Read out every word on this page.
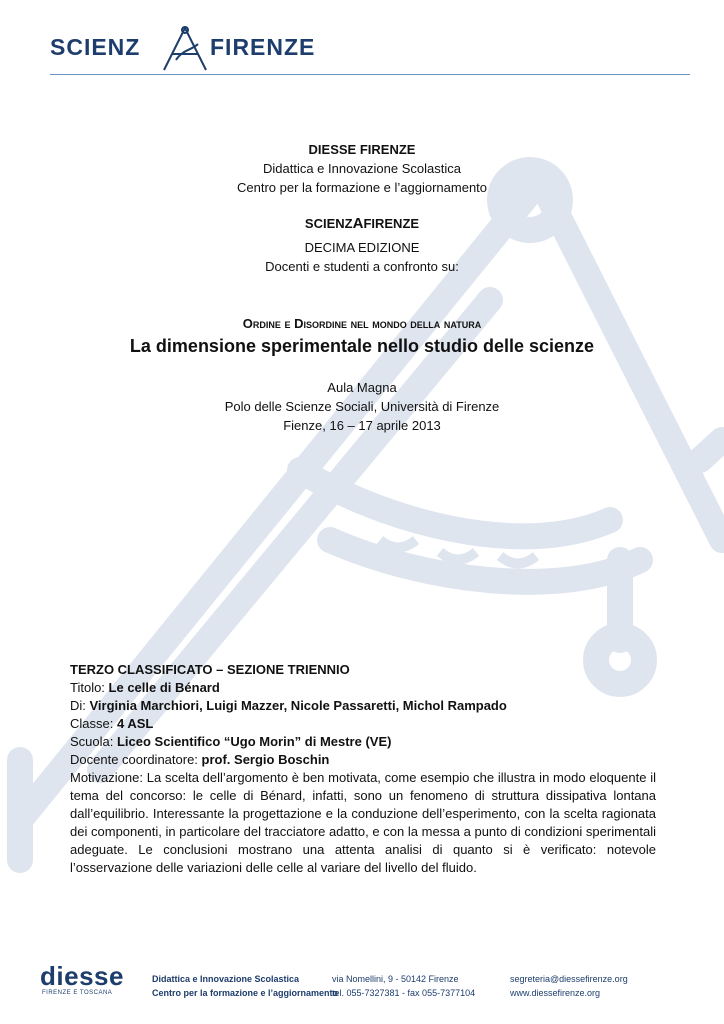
SCIENZ	FIRENZE
DIESSE FIRENZE
Didattica e Innovazione Scolastica
Centro per la formazione e l’aggiornamento
SCIENZAFIRENZE
DECIMA EDIZIONE
Docenti e studenti a confronto su:
Ordine e Disordine nel mondo della natura
La dimensione sperimentale nello studio delle scienze
Aula Magna
Polo delle Scienze Sociali, Università di Firenze
Fienze, 16 – 17 aprile 2013
TERZO CLASSIFICATO – SEZIONE TRIENNIO
Titolo: Le celle di Bénard
Di: Virginia Marchiori, Luigi Mazzer, Nicole Passaretti, Michol Rampado
Classe: 4 ASL
Scuola: Liceo Scientifico “Ugo Morin” di Mestre (VE)
Docente coordinatore: prof. Sergio Boschin
Motivazione: La scelta dell’argomento è ben motivata, come esempio che illustra in modo eloquente il tema del concorso: le celle di Bénard, infatti, sono un fenomeno di struttura dissipativa lontana dall’equilibrio. Interessante la progettazione e la conduzione dell’esperimento, con la scelta ragionata dei componenti, in particolare del tracciatore adatto, e con la messa a punto di condizioni sperimentali adeguate. Le conclusioni mostrano una attenta analisi di quanto si è verificato: notevole l’osservazione delle variazioni delle celle al variare del livello del fluido.
diesse
FIRENZE E TOSCANA
Didattica e Innovazione Scolastica
Centro per la formazione e l’aggiornamento
via Nomellini, 9 - 50142 Firenze
tel. 055-7327381 - fax 055-7377104
segreteria@diessefirenze.org
www.diessefirenze.org
